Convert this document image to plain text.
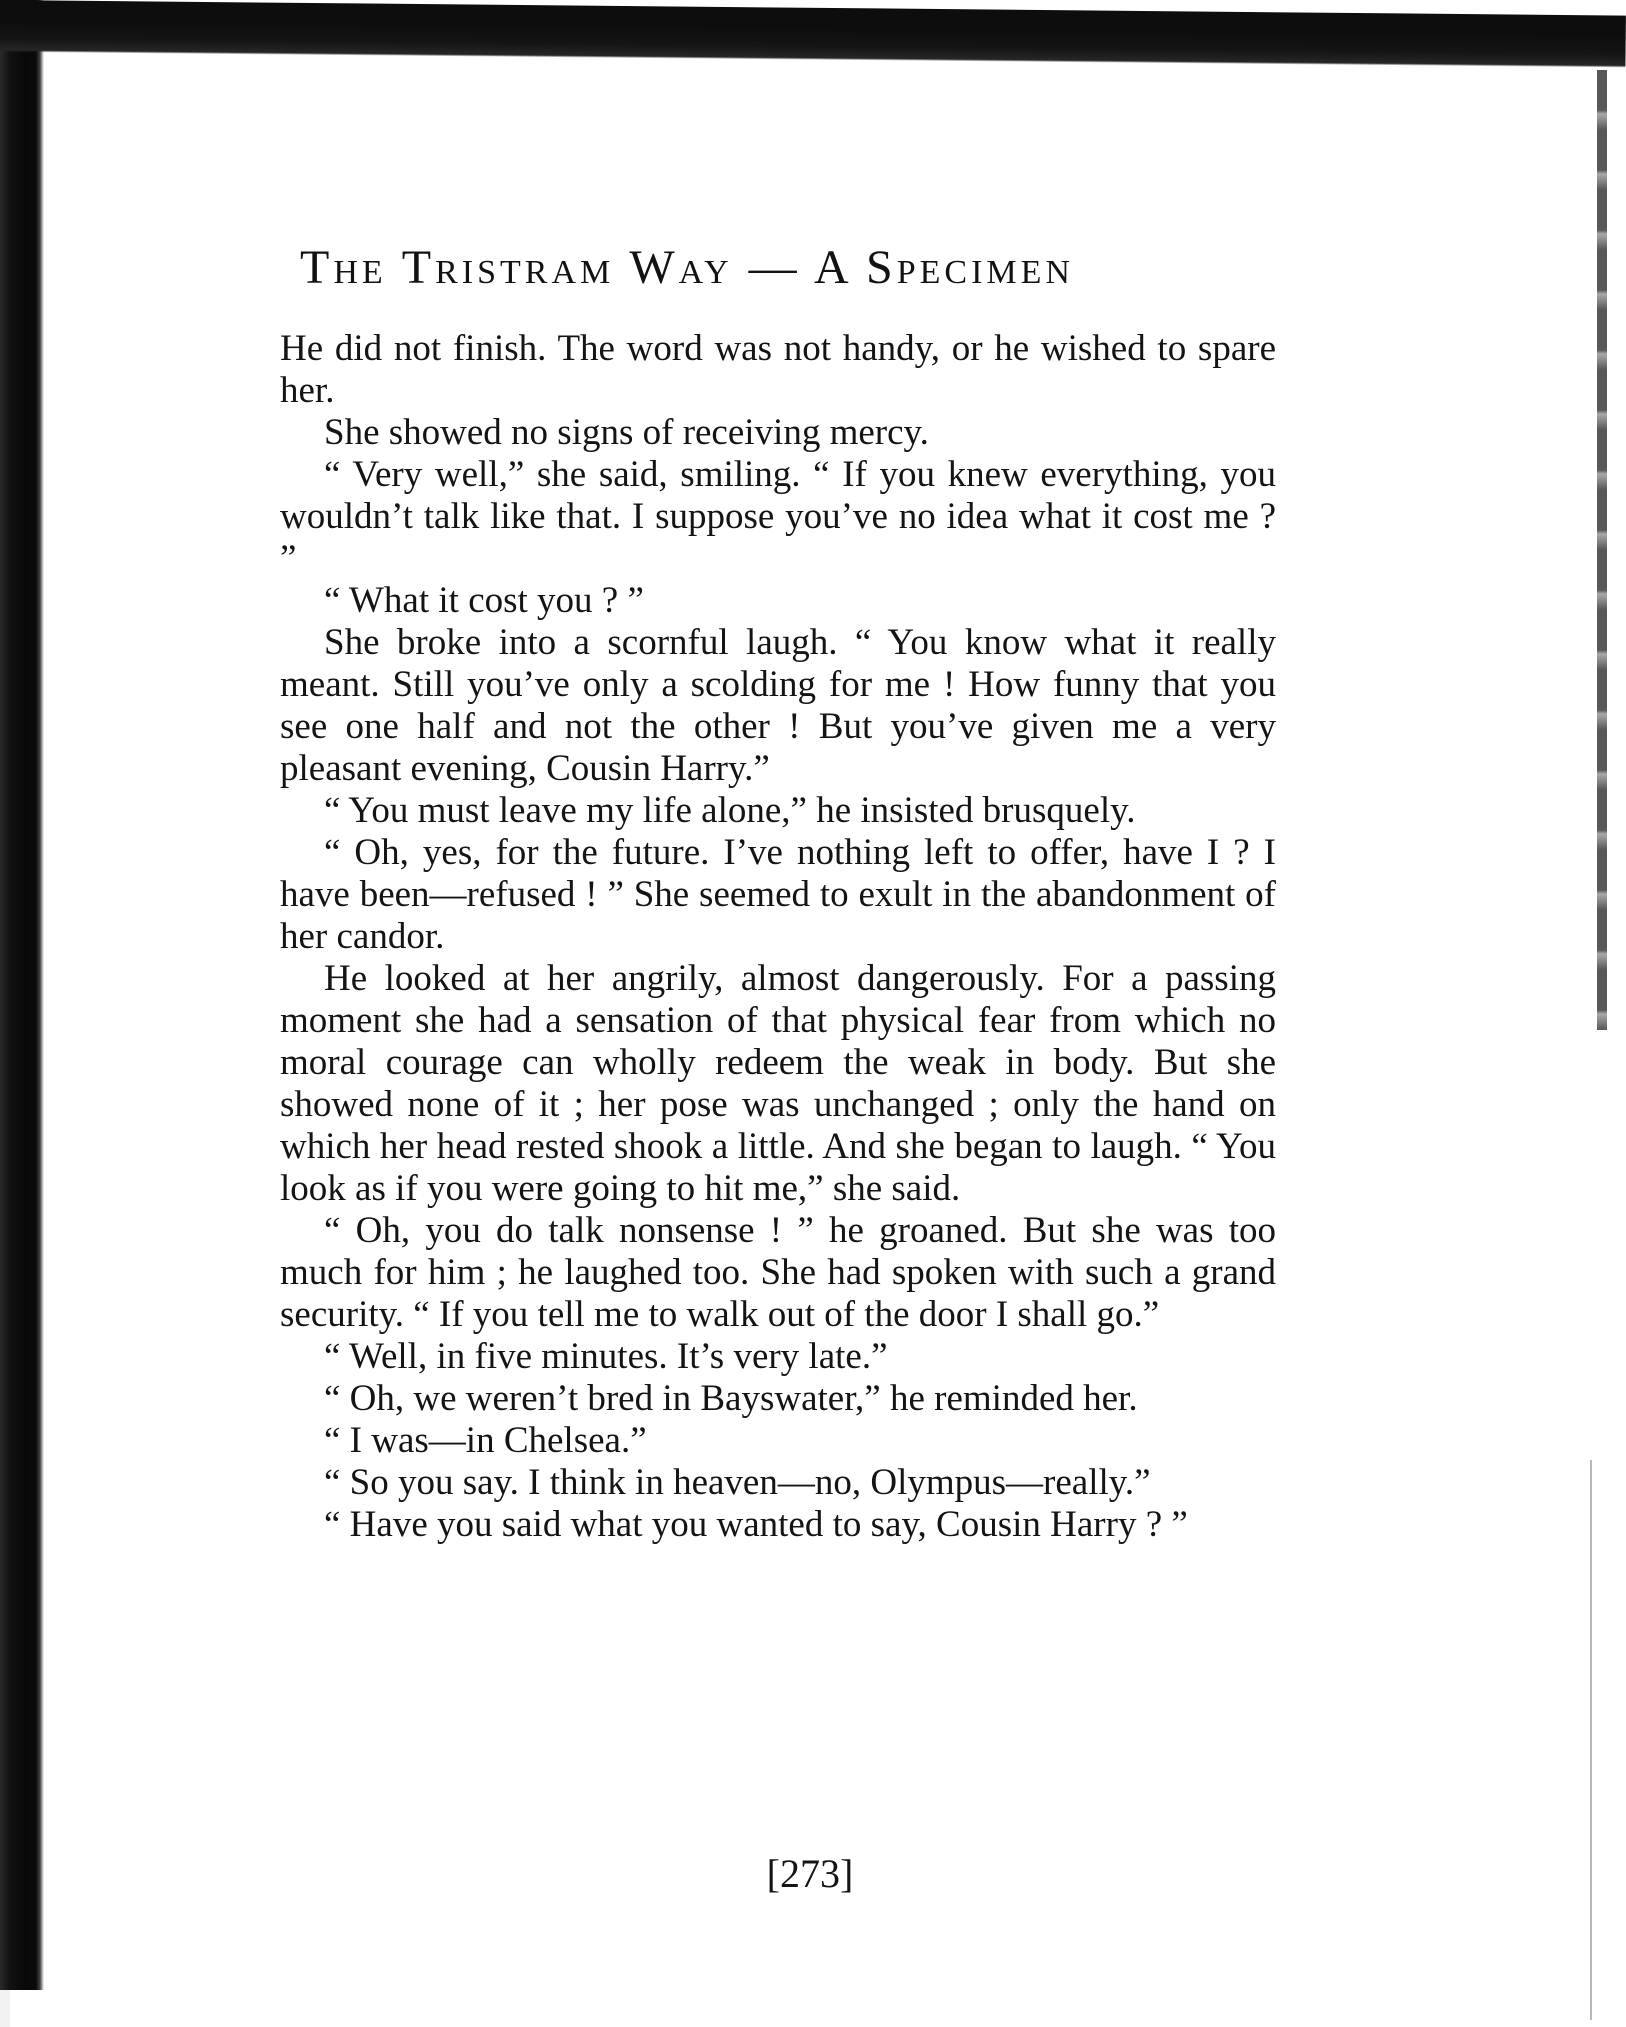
The Tristram Way — A Specimen

He did not finish. The word was not handy, or he wished to spare her.

She showed no signs of receiving mercy.

“ Very well,” she said, smiling. “ If you knew everything, you wouldn’t talk like that. I suppose you’ve no idea what it cost me ? ”

“ What it cost you ? ”

She broke into a scornful laugh. “ You know what it really meant. Still you’ve only a scolding for me ! How funny that you see one half and not the other ! But you’ve given me a very pleasant evening, Cousin Harry.”

“ You must leave my life alone,” he insisted brusquely.

“ Oh, yes, for the future. I’ve nothing left to offer, have I ? I have been—refused ! ” She seemed to exult in the abandonment of her candor.

He looked at her angrily, almost dangerously. For a passing moment she had a sensation of that physical fear from which no moral courage can wholly redeem the weak in body. But she showed none of it ; her pose was unchanged ; only the hand on which her head rested shook a little. And she began to laugh. “ You look as if you were going to hit me,” she said.

“ Oh, you do talk nonsense ! ” he groaned. But she was too much for him ; he laughed too. She had spoken with such a grand security. “ If you tell me to walk out of the door I shall go.”

“ Well, in five minutes. It’s very late.”

“ Oh, we weren’t bred in Bayswater,” he reminded her.

“ I was—in Chelsea.”

“ So you say. I think in heaven—no, Olympus—really.”

“ Have you said what you wanted to say, Cousin Harry ? ”

[273]
